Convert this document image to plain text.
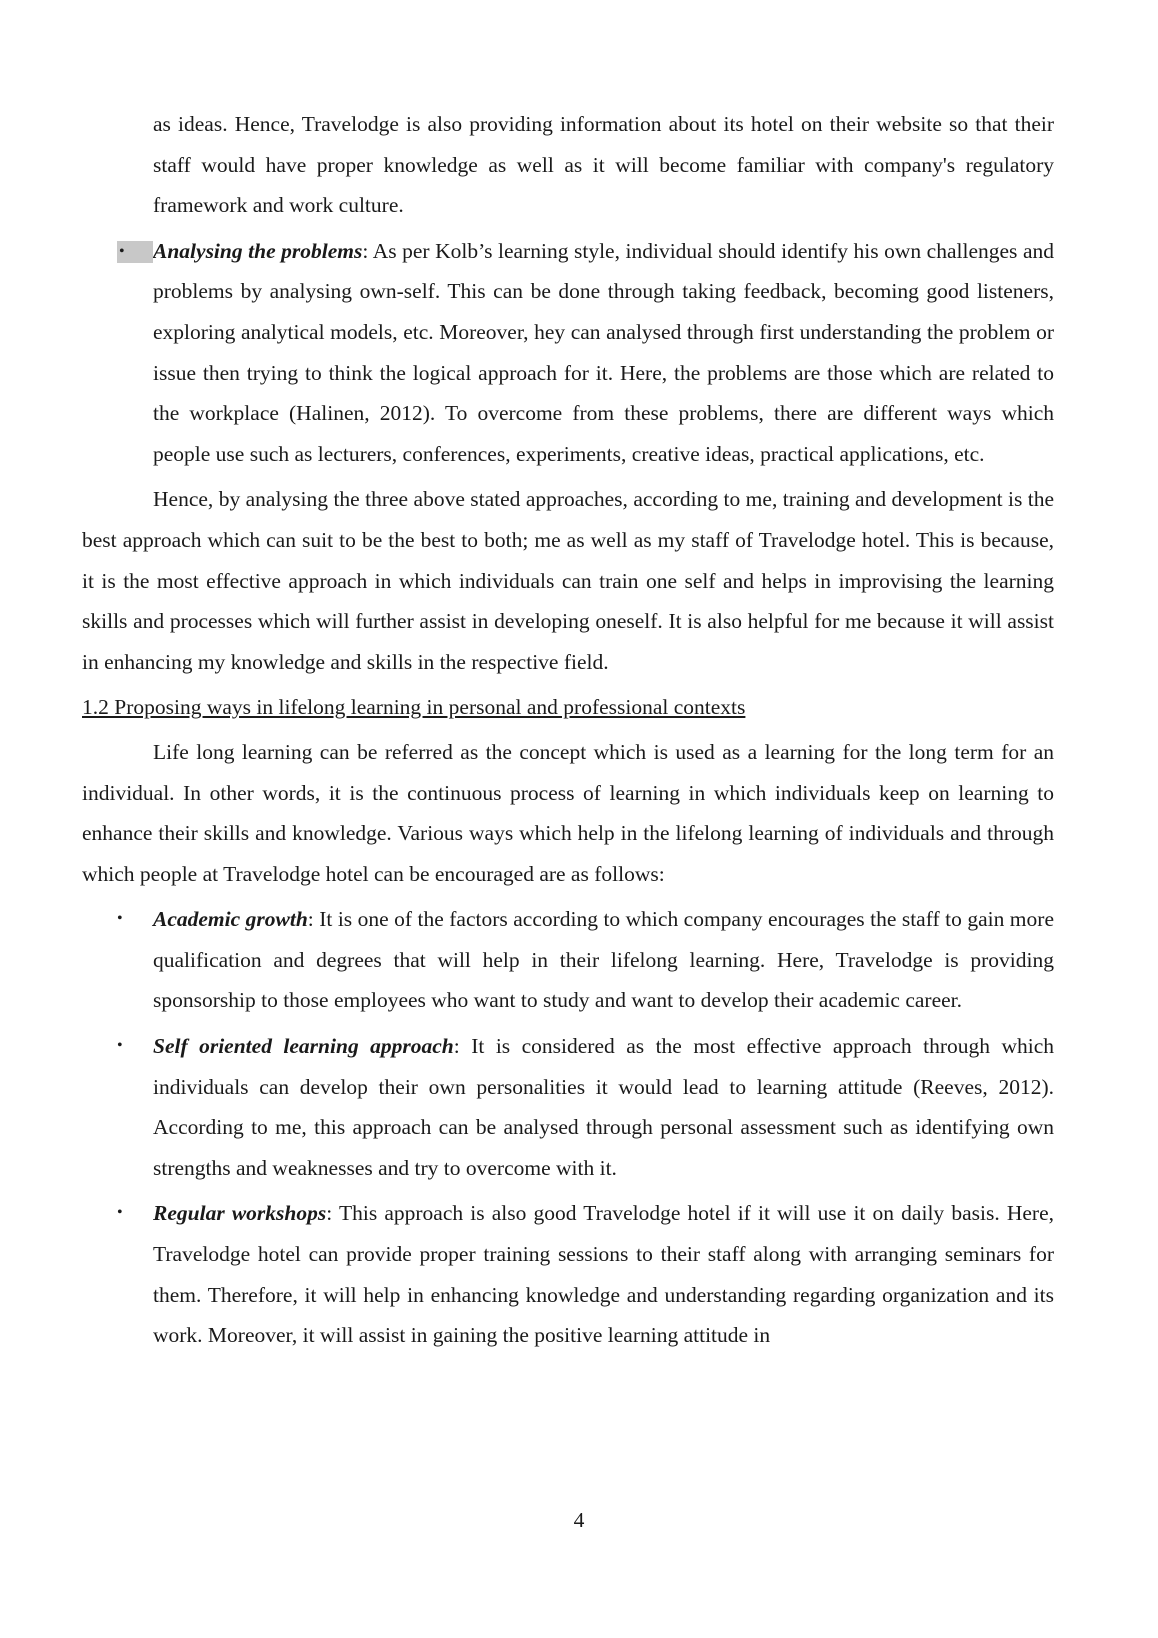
as ideas. Hence, Travelodge is also providing information about its hotel on their website so that their staff would have proper knowledge as well as it will become familiar with company's regulatory framework and work culture.

•	Analysing the problems: As per Kolb’s learning style, individual should identify his own challenges and problems by analysing own-self. This can be done through taking feedback, becoming good listeners, exploring analytical models, etc. Moreover, hey can analysed through first understanding the problem or issue then trying to think the logical approach for it. Here, the problems are those which are related to the workplace (Halinen, 2012). To overcome from these problems, there are different ways which people use such as lecturers, conferences, experiments, creative ideas, practical applications, etc.

Hence, by analysing the three above stated approaches, according to me, training and development is the best approach which can suit to be the best to both; me as well as my staff of Travelodge hotel. This is because, it is the most effective approach in which individuals can train one self and helps in improvising the learning skills and processes which will further assist in developing oneself. It is also helpful for me because it will assist in enhancing my knowledge and skills in the respective field.

1.2 Proposing ways in lifelong learning in personal and professional contexts

Life long learning can be referred as the concept which is used as a learning for the long term for an individual. In other words, it is the continuous process of learning in which individuals keep on learning to enhance their skills and knowledge. Various ways which help in the lifelong learning of individuals and through which people at Travelodge hotel can be encouraged are as follows:

•	Academic growth: It is one of the factors according to which company encourages the staff to gain more qualification and degrees that will help in their lifelong learning. Here, Travelodge is providing sponsorship to those employees who want to study and want to develop their academic career.
•	Self oriented learning approach: It is considered as the most effective approach through which individuals can develop their own personalities it would lead to learning attitude (Reeves, 2012). According to me, this approach can be analysed through personal assessment such as identifying own strengths and weaknesses and try to overcome with it.
•	Regular workshops: This approach is also good Travelodge hotel if it will use it on daily basis. Here, Travelodge hotel can provide proper training sessions to their staff along with arranging seminars for them. Therefore, it will help in enhancing knowledge and understanding regarding organization and its work. Moreover, it will assist in gaining the positive learning attitude in
4
